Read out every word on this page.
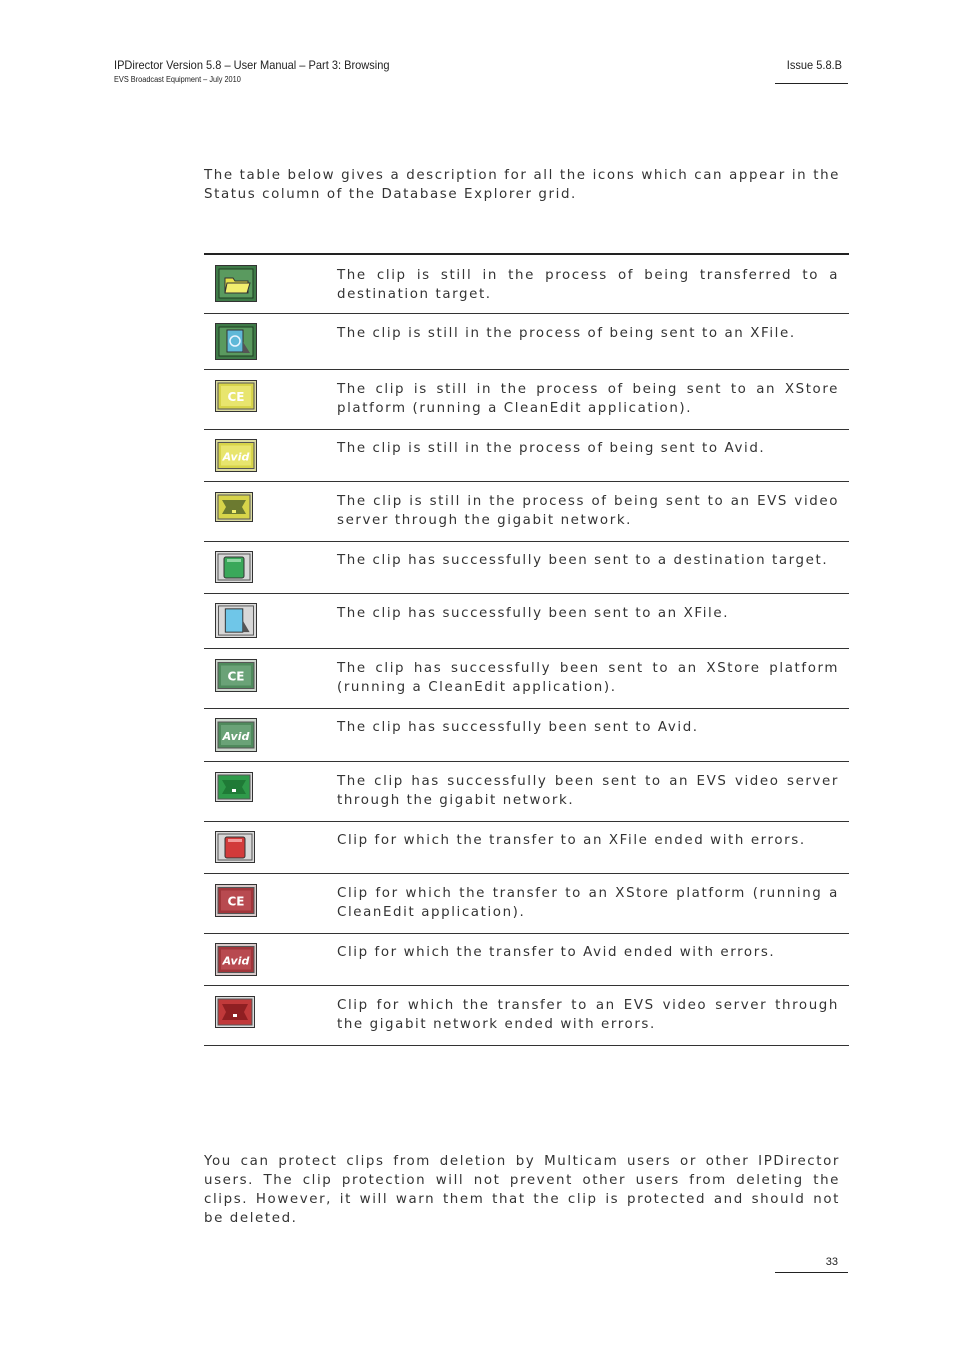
IPDirector Version 5.8 – User Manual – Part 3: Browsing
EVS Broadcast Equipment – July 2010
Issue 5.8.B
The table below gives a description for all the icons which can appear in the Status column of the Database Explorer grid.
The clip is still in the process of being transferred to a destination target.
The clip is still in the process of being sent to an XFile.
CE	The clip is still in the process of being sent to an XStore platform (running a CleanEdit application).
Avid
The clip is still in the process of being sent to Avid.
The clip is still in the process of being sent to an EVS video server through the gigabit network.
The clip has successfully been sent to a destination target.
The clip has successfully been sent to an XFile.
CE
The clip has successfully been sent to an XStore platform (running a CleanEdit application).
Avid
The clip has successfully been sent to Avid.
The clip has successfully been sent to an EVS video server through the gigabit network.
Clip for which the transfer to an XFile ended with errors.
CE
Clip for which the transfer to an XStore platform (running a CleanEdit application).
Avid
Clip for which the transfer to Avid ended with errors.
Clip for which the transfer to an EVS video server through the gigabit network ended with errors.
You can protect clips from deletion by Multicam users or other IPDirector users. The clip protection will not prevent other users from deleting the clips. However, it will warn them that the clip is protected and should not be deleted.
33
